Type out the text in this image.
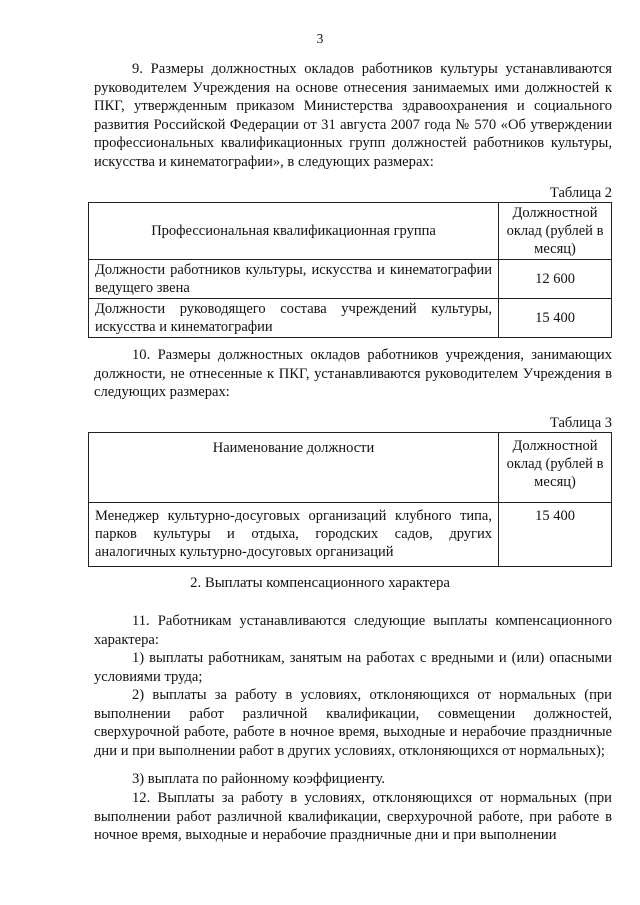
3

9. Размеры должностных окладов работников культуры устанавливаются руководителем Учреждения на основе отнесения занимаемых ими должностей к ПКГ, утвержденным приказом Министерства здравоохранения и социального развития Российской Федерации от 31 августа 2007 года № 570 «Об утверждении профессиональных квалификационных групп должностей работников культуры, искусства и кинематографии», в следующих размерах:

Таблица 2
Профессиональная квалификационная группа	Должностной оклад (рублей в месяц)
Должности работников культуры, искусства и кинематографии ведущего звена	12 600
Должности руководящего состава учреждений культуры, искусства и кинематографии	15 400

10. Размеры должностных окладов работников учреждения, занимающих должности, не отнесенные к ПКГ, устанавливаются руководителем Учреждения в следующих размерах:

Таблица 3
Наименование должности	Должностной оклад (рублей в месяц)
Менеджер культурно-досуговых организаций клубного типа, парков культуры и отдыха, городских садов, других аналогичных культурно-досуговых организаций	15 400
2. Выплаты компенсационного характера

11. Работникам устанавливаются следующие выплаты компенсационного характера:

1) выплаты работникам, занятым на работах с вредными и (или) опасными условиями труда;

2) выплаты за работу в условиях, отклоняющихся от нормальных (при выполнении работ различной квалификации, совмещении должностей, сверхурочной работе, работе в ночное время, выходные и нерабочие праздничные дни и при выполнении работ в других условиях, отклоняющихся от нормальных);

3) выплата по районному коэффициенту.

12. Выплаты за работу в условиях, отклоняющихся от нормальных (при выполнении работ различной квалификации, сверхурочной работе, при работе в ночное время, выходные и нерабочие праздничные дни и при выполнении
